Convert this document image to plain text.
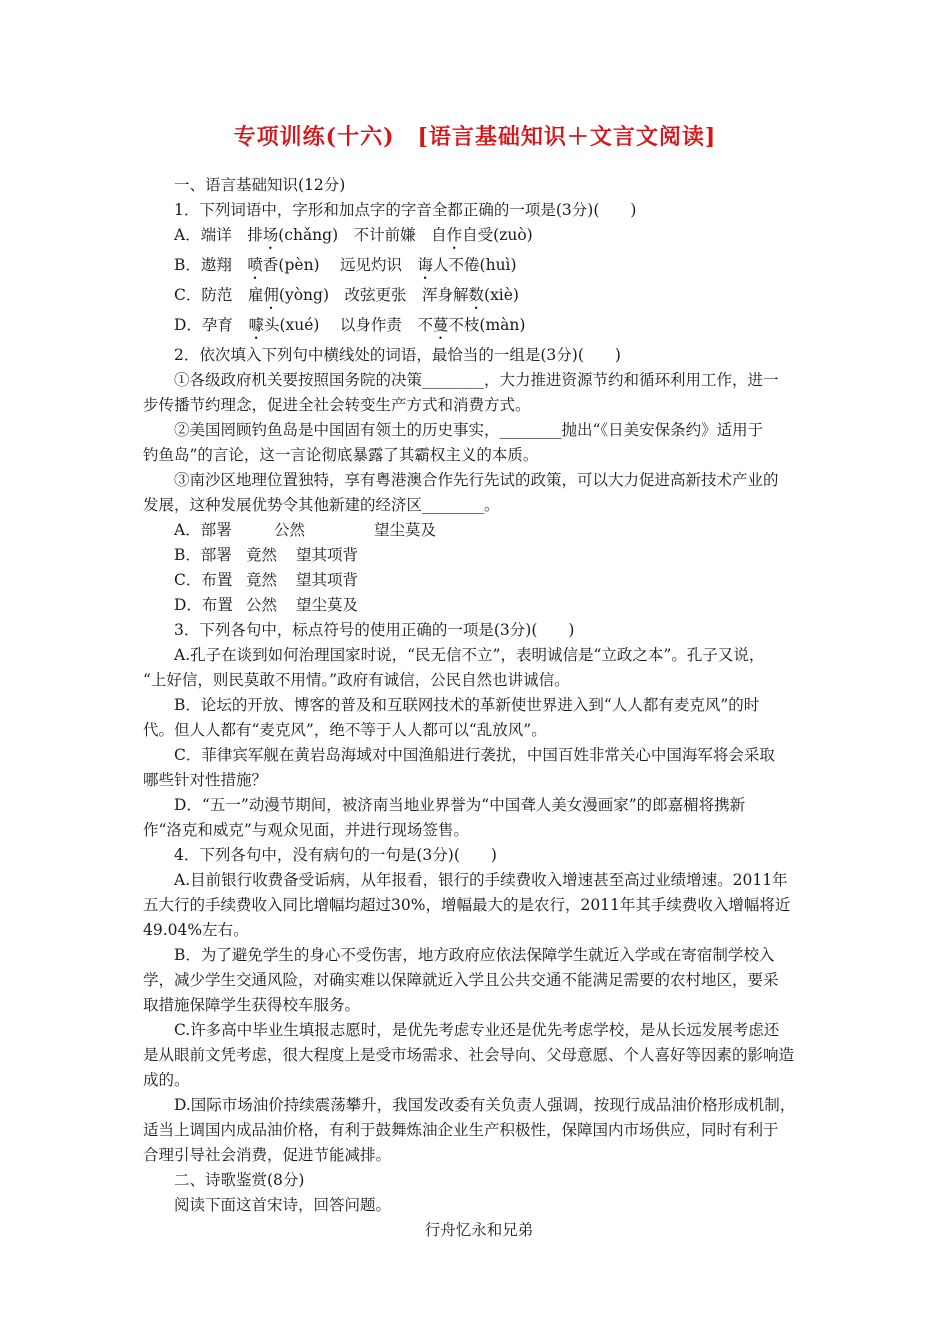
专项训练(十六)　[语言基础知识＋文言文阅读]
一、语言基础知识(12分)
1．下列词语中，字形和加点字的字音全都正确的一项是(3分)(　　)
A．端详　排场(chǎng)　不计前嫌　自作自受(zuò)
B．遨翔　 喷香(pèn)　 远见灼识　诲人不倦(huì)
C．防范　雇佣(yòng)　改弦更张　浑身解数(xiè)
D．孕育　 噱头(xué)　 以身作责　不蔓不枝(màn)
2．依次填入下列句中横线处的词语，最恰当的一组是(3分)(　　)
①各级政府机关要按照国务院的决策________，大力推进资源节约和循环利用工作，进一
步传播节约理念，促进全社会转变生产方式和消费方式。
②美国罔顾钓鱼岛是中国固有领土的历史事实，________抛出“《日美安保条约》适用于
钓鱼岛”的言论，这一言论彻底暴露了其霸权主义的本质。
③南沙区地理位置独特，享有粤港澳合作先行先试的政策，可以大力促进高新技术产业的
发展，这种发展优势令其他新建的经济区________。
A．部署	公然	望尘莫及
B．部署 竟然 望其项背
C．布置 竟然 望其项背
D．布置 公然 望尘莫及
3．下列各句中，标点符号的使用正确的一项是(3分)(　　)
A.孔子在谈到如何治理国家时说，“民无信不立”，表明诚信是“立政之本”。孔子又说，
“上好信，则民莫敢不用情。”政府有诚信，公民自然也讲诚信。
B．论坛的开放、博客的普及和互联网技术的革新使世界进入到“人人都有麦克风”的时
代。但人人都有“麦克风”，绝不等于人人都可以“乱放风”。
C．菲律宾军舰在黄岩岛海域对中国渔船进行袭扰，中国百姓非常关心中国海军将会采取
哪些针对性措施？
D．“五一”动漫节期间，被济南当地业界誉为“中国聋人美女漫画家”的郎嘉楣将携新
作“洛克和威克”与观众见面，并进行现场签售。
4．下列各句中，没有病句的一句是(3分)(　　)
A.目前银行收费备受诟病，从年报看，银行的手续费收入增速甚至高过业绩增速。2011年
五大行的手续费收入同比增幅均超过30%，增幅最大的是农行，2011年其手续费收入增幅将近
49.04%左右。
B．为了避免学生的身心不受伤害，地方政府应依法保障学生就近入学或在寄宿制学校入
学，减少学生交通风险，对确实难以保障就近入学且公共交通不能满足需要的农村地区，要采
取措施保障学生获得校车服务。
C.许多高中毕业生填报志愿时，是优先考虑专业还是优先考虑学校，是从长远发展考虑还
是从眼前文凭考虑，很大程度上是受市场需求、社会导向、父母意愿、个人喜好等因素的影响造
成的。
D.国际市场油价持续震荡攀升，我国发改委有关负责人强调，按现行成品油价格形成机制，
适当上调国内成品油价格，有利于鼓舞炼油企业生产积极性，保障国内市场供应，同时有利于
合理引导社会消费，促进节能减排。
二、诗歌鉴赏(8分)
阅读下面这首宋诗，回答问题。
行舟忆永和兄弟
